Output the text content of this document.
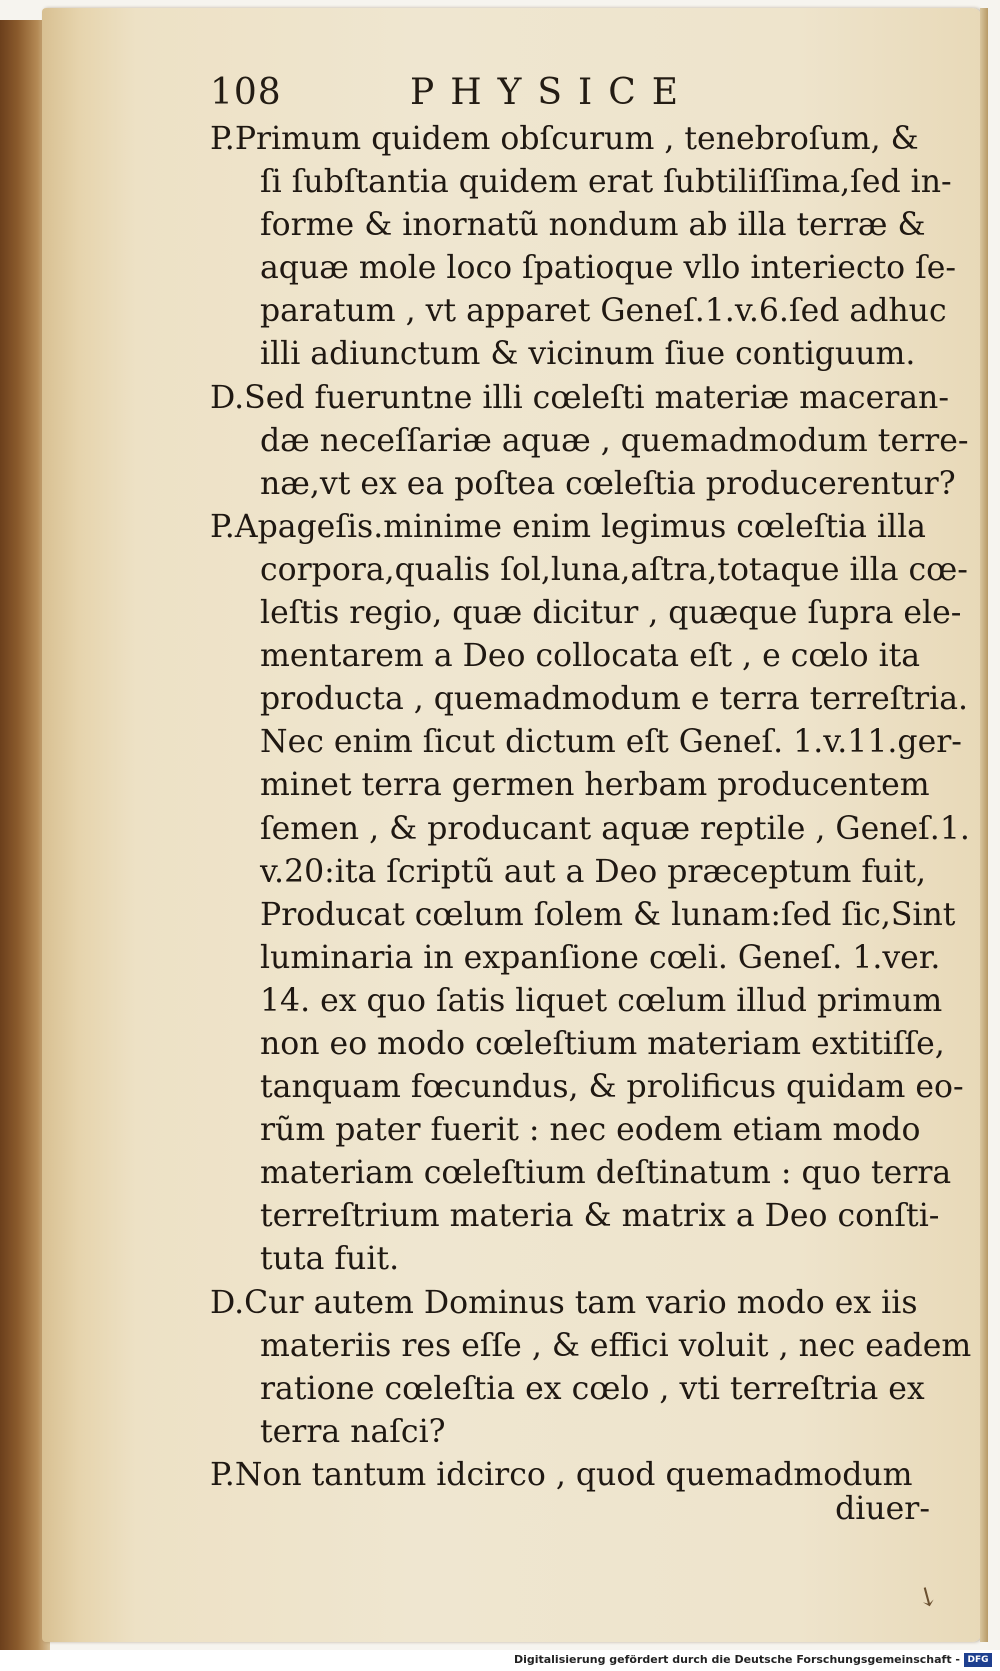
108	PHYSICE
P.Primum quidem obſcurum , tenebroſum, &
ſi ſubſtantia quidem erat ſubtiliſſima,ſed in-
forme & inornatũ nondum ab illa terræ &
aquæ mole loco ſpatioque vllo interiecto ſe-
paratum , vt apparet Geneſ.1.v.6.ſed adhuc
illi adiunctum & vicinum ſiue contiguum.
D.Sed fueruntne illi cœleſti materiæ maceran-
dæ neceſſariæ aquæ , quemadmodum terre-
næ,vt ex ea poſtea cœleſtia producerentur?
P.Apageſis.minime enim legimus cœleſtia illa
corpora,qualis ſol,luna,aſtra,totaque illa cœ-
leſtis regio, quæ dicitur , quæque ſupra ele-
mentarem a Deo collocata eſt , e cœlo ita
producta , quemadmodum e terra terreſtria.
Nec enim ſicut dictum eſt Geneſ. 1.v.11.ger-
minet terra germen herbam producentem
ſemen , & producant aquæ reptile , Geneſ.1.
v.20:ita ſcriptũ aut a Deo præceptum fuit,
Producat cœlum ſolem & lunam:ſed ſic,Sint
luminaria in expanſione cœli. Geneſ. 1.ver.
14. ex quo ſatis liquet cœlum illud primum
non eo modo cœleſtium materiam extitiſſe,
tanquam fœcundus, & prolificus quidam eo-
rũm pater fuerit : nec eodem etiam modo
materiam cœleſtium deſtinatum : quo terra
terreſtrium materia & matrix a Deo conſti-
tuta fuit.
D.Cur autem Dominus tam vario modo ex iis
materiis res eſſe , & effici voluit , nec eadem
ratione cœleſtia ex cœlo , vti terreſtria ex
terra naſci?
P.Non tantum idcirco , quod quemadmodum
diuer-
↘
Digitalisierung gefördert durch die Deutsche Forschungsgemeinschaft - DFG
